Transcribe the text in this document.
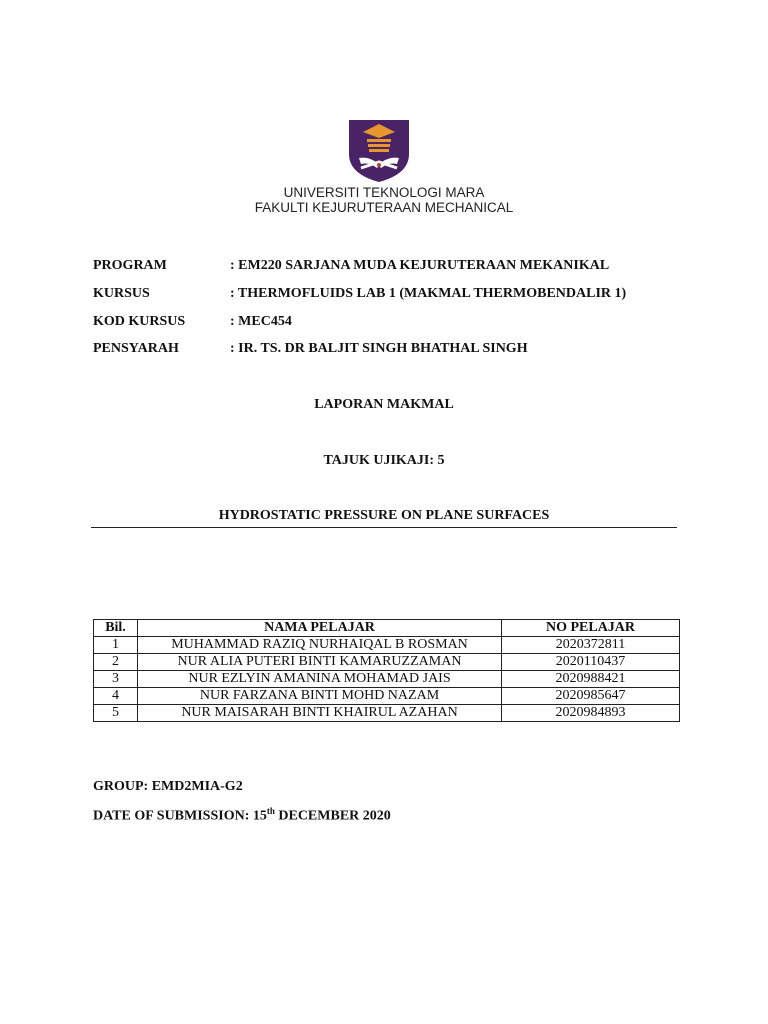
UNIVERSITI TEKNOLOGI MARA
FAKULTI KEJURUTERAAN MECHANICAL
PROGRAM	: EM220 SARJANA MUDA KEJURUTERAAN MEKANIKAL
KURSUS	: THERMOFLUIDS LAB 1 (MAKMAL THERMOBENDALIR 1)
KOD KURSUS	: MEC454
PENSYARAH	: IR. TS. DR BALJIT SINGH BHATHAL SINGH
LAPORAN MAKMAL
TAJUK UJIKAJI: 5
HYDROSTATIC PRESSURE ON PLANE SURFACES
Bil.	NAMA PELAJAR	NO PELAJAR
1	MUHAMMAD RAZIQ NURHAIQAL B ROSMAN	2020372811
2	NUR ALIA PUTERI BINTI KAMARUZZAMAN	2020110437
3	NUR EZLYIN AMANINA MOHAMAD JAIS	2020988421
4	NUR FARZANA BINTI MOHD NAZAM	2020985647
5	NUR MAISARAH BINTI KHAIRUL AZAHAN	2020984893
GROUP: EMD2MIA-G2
DATE OF SUBMISSION: 15th DECEMBER 2020
